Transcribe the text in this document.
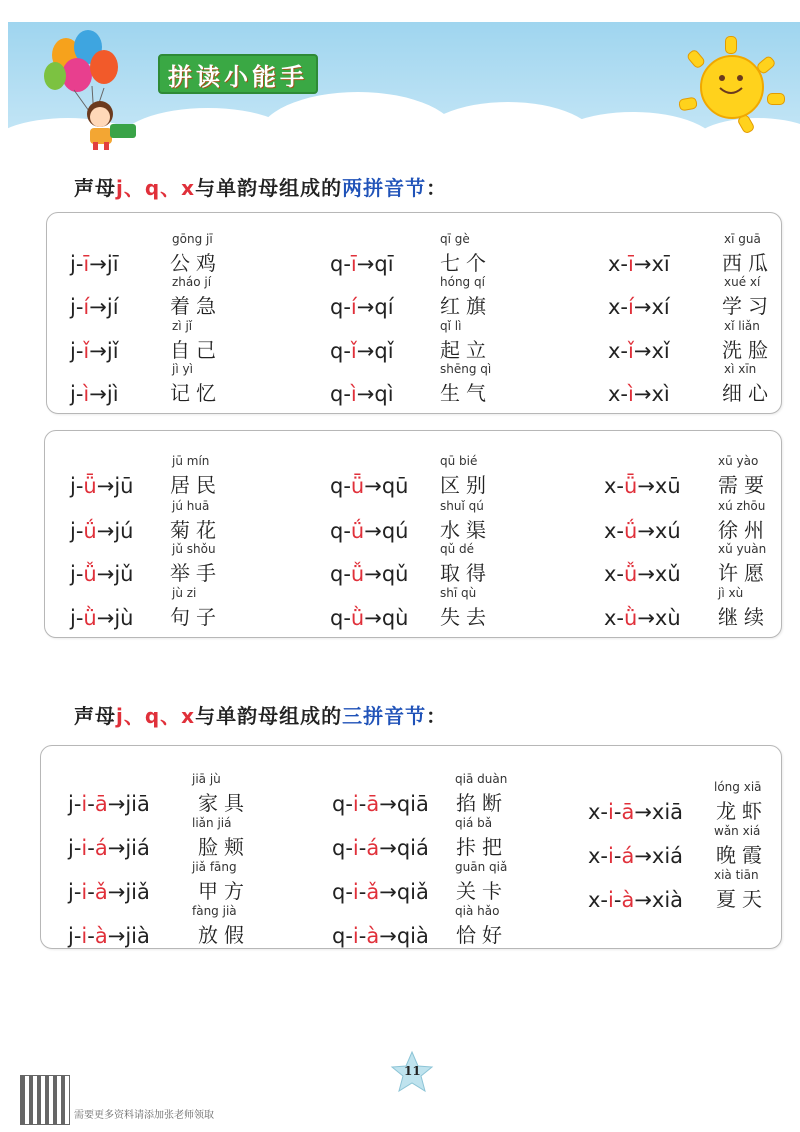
拼读小能手
声母j、q、x与单韵母组成的两拼音节：
声母j、q、x与单韵母组成的三拼音节：
j-ī→jī
gōng jī
公鸡
j-í→jí
zháo jí
着急
j-ǐ→jǐ
zì jǐ
自己
j-ì→jì
jì yì
记忆
q-ī→qī
qī gè
七个
q-í→qí
hóng qí
红旗
q-ǐ→qǐ
qǐ lì
起立
q-ì→qì
shēng qì
生气
x-ī→xī
xī guā
西瓜
x-í→xí
xué xí
学习
x-ǐ→xǐ
xǐ liǎn
洗脸
x-ì→xì
xì xīn
细心
j-ǖ→jū
jū mín
居民
j-ǘ→jú
jú huā
菊花
j-ǚ→jǔ
jǔ shǒu
举手
j-ǜ→jù
jù zi
句子
q-ǖ→qū
qū bié
区别
q-ǘ→qú
shuǐ qú
水渠
q-ǚ→qǔ
qǔ dé
取得
q-ǜ→qù
shī qù
失去
x-ǖ→xū
xū yào
需要
x-ǘ→xú
xú zhōu
徐州
x-ǚ→xǔ
xǔ yuàn
许愿
x-ǜ→xù
jì xù
继续
j-i-ā→jiā
jiā jù
家具
j-i-á→jiá
liǎn jiá
脸颊
j-i-ǎ→jiǎ
jiǎ fāng
甲方
j-i-à→jià
fàng jià
放假
q-i-ā→qiā
qiā duàn
掐断
q-i-á→qiá
qiá bǎ
拤把
q-i-ǎ→qiǎ
guān qiǎ
关卡
q-i-à→qià
qià hǎo
恰好
x-i-ā→xiā
lóng xiā
龙虾
x-i-á→xiá
wǎn xiá
晚霞
x-i-à→xià
xià tiān
夏天
11
需要更多资料请添加张老师领取
